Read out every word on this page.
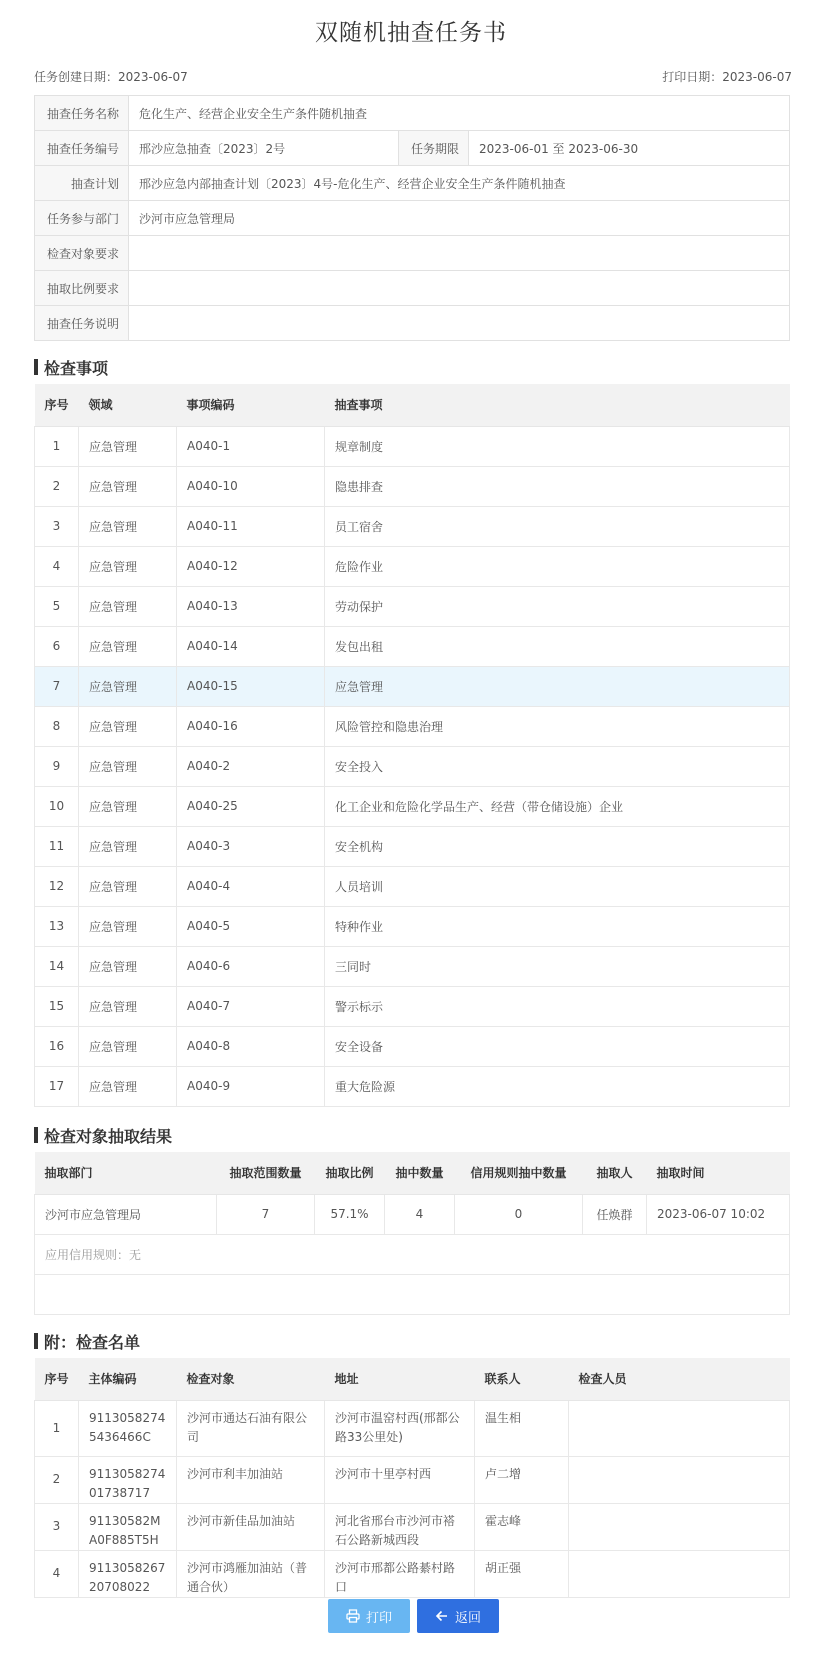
双随机抽查任务书
任务创建日期：2023-06-07	打印日期：2023-06-07
抽查任务名称	危化生产、经营企业安全生产条件随机抽查		
抽查任务编号	邢沙应急抽查〔2023〕2号	任务期限	2023-06-01 至 2023-06-30
抽查计划	邢沙应急内部抽查计划〔2023〕4号-危化生产、经营企业安全生产条件随机抽查		
任务参与部门	沙河市应急管理局		
检查对象要求			
抽取比例要求			
抽查任务说明			
检查事项
序号	领域	事项编码	抽查事项
1	应急管理	A040-1	规章制度
2	应急管理	A040-10	隐患排查
3	应急管理	A040-11	员工宿舍
4	应急管理	A040-12	危险作业
5	应急管理	A040-13	劳动保护
6	应急管理	A040-14	发包出租
7	应急管理	A040-15	应急管理
8	应急管理	A040-16	风险管控和隐患治理
9	应急管理	A040-2	安全投入
10	应急管理	A040-25	化工企业和危险化学品生产、经营（带仓储设施）企业
11	应急管理	A040-3	安全机构
12	应急管理	A040-4	人员培训
13	应急管理	A040-5	特种作业
14	应急管理	A040-6	三同时
15	应急管理	A040-7	警示标示
16	应急管理	A040-8	安全设备
17	应急管理	A040-9	重大危险源
检查对象抽取结果
抽取部门	抽取范围数量	抽取比例	抽中数量	信用规则抽中数量	抽取人	抽取时间
沙河市应急管理局	7	57.1%	4	0	任焕群	2023-06-07 10:02
应用信用规则：无						

附：检查名单
序号	主体编码	检查对象	地址	联系人	检查人员
1	91130582745436466C	沙河市通达石油有限公司	沙河市温窑村西(邢都公路33公里处)	温生相	
2	911305827401738717	沙河市利丰加油站	沙河市十里亭村西	卢二增	
3	91130582MA0F885T5H	沙河市新佳品加油站	河北省邢台市沙河市褡石公路新城西段	霍志峰	
4	911305826720708022	沙河市鸿雁加油站（普通合伙）	沙河市邢都公路綦村路口	胡正强	
打印	返回
